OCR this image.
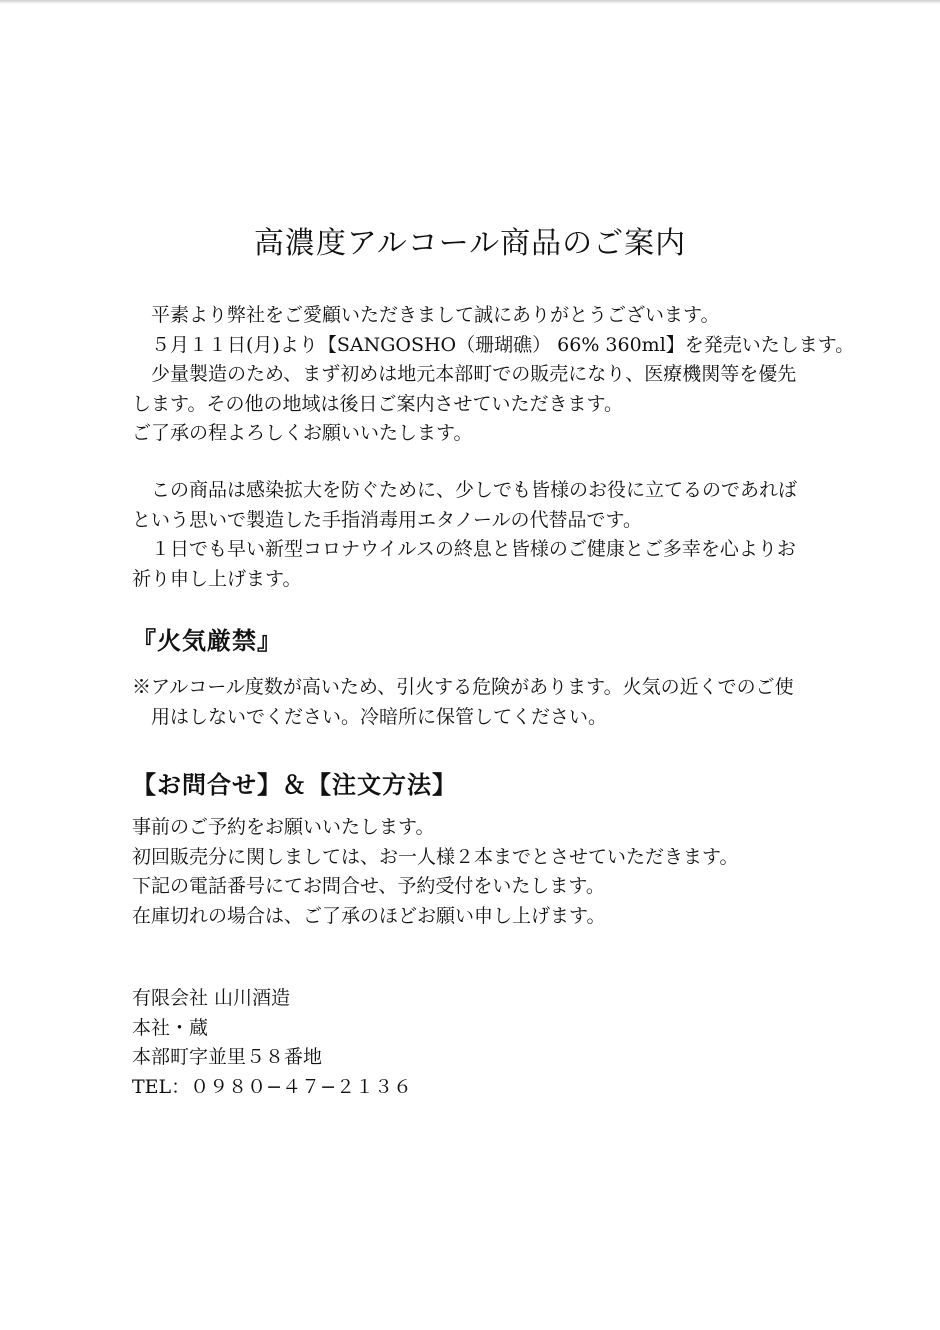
高濃度アルコール商品のご案内

平素より弊社をご愛顧いただきまして誠にありがとうございます。

５月１１日(月)より【SANGOSHO（珊瑚礁） 66% 360ml】を発売いたします。

少量製造のため、まず初めは地元本部町での販売になり、医療機関等を優先します。その他の地域は後日ご案内させていただきます。

ご了承の程よろしくお願いいたします。

この商品は感染拡大を防ぐために、少しでも皆様のお役に立てるのであればという思いで製造した手指消毒用エタノールの代替品です。

１日でも早い新型コロナウイルスの終息と皆様のご健康とご多幸を心よりお祈り申し上げます。

『火気厳禁』

※アルコール度数が高いため、引火する危険があります。火気の近くでのご使用はしないでください。冷暗所に保管してください。

【お問合せ】＆【注文方法】

事前のご予約をお願いいたします。

初回販売分に関しましては、お一人様２本までとさせていただきます。

下記の電話番号にてお問合せ、予約受付をいたします。

在庫切れの場合は、ご了承のほどお願い申し上げます。

有限会社 山川酒造

本社・蔵

本部町字並里５８番地

TEL：０９８０−４７−２１３６
